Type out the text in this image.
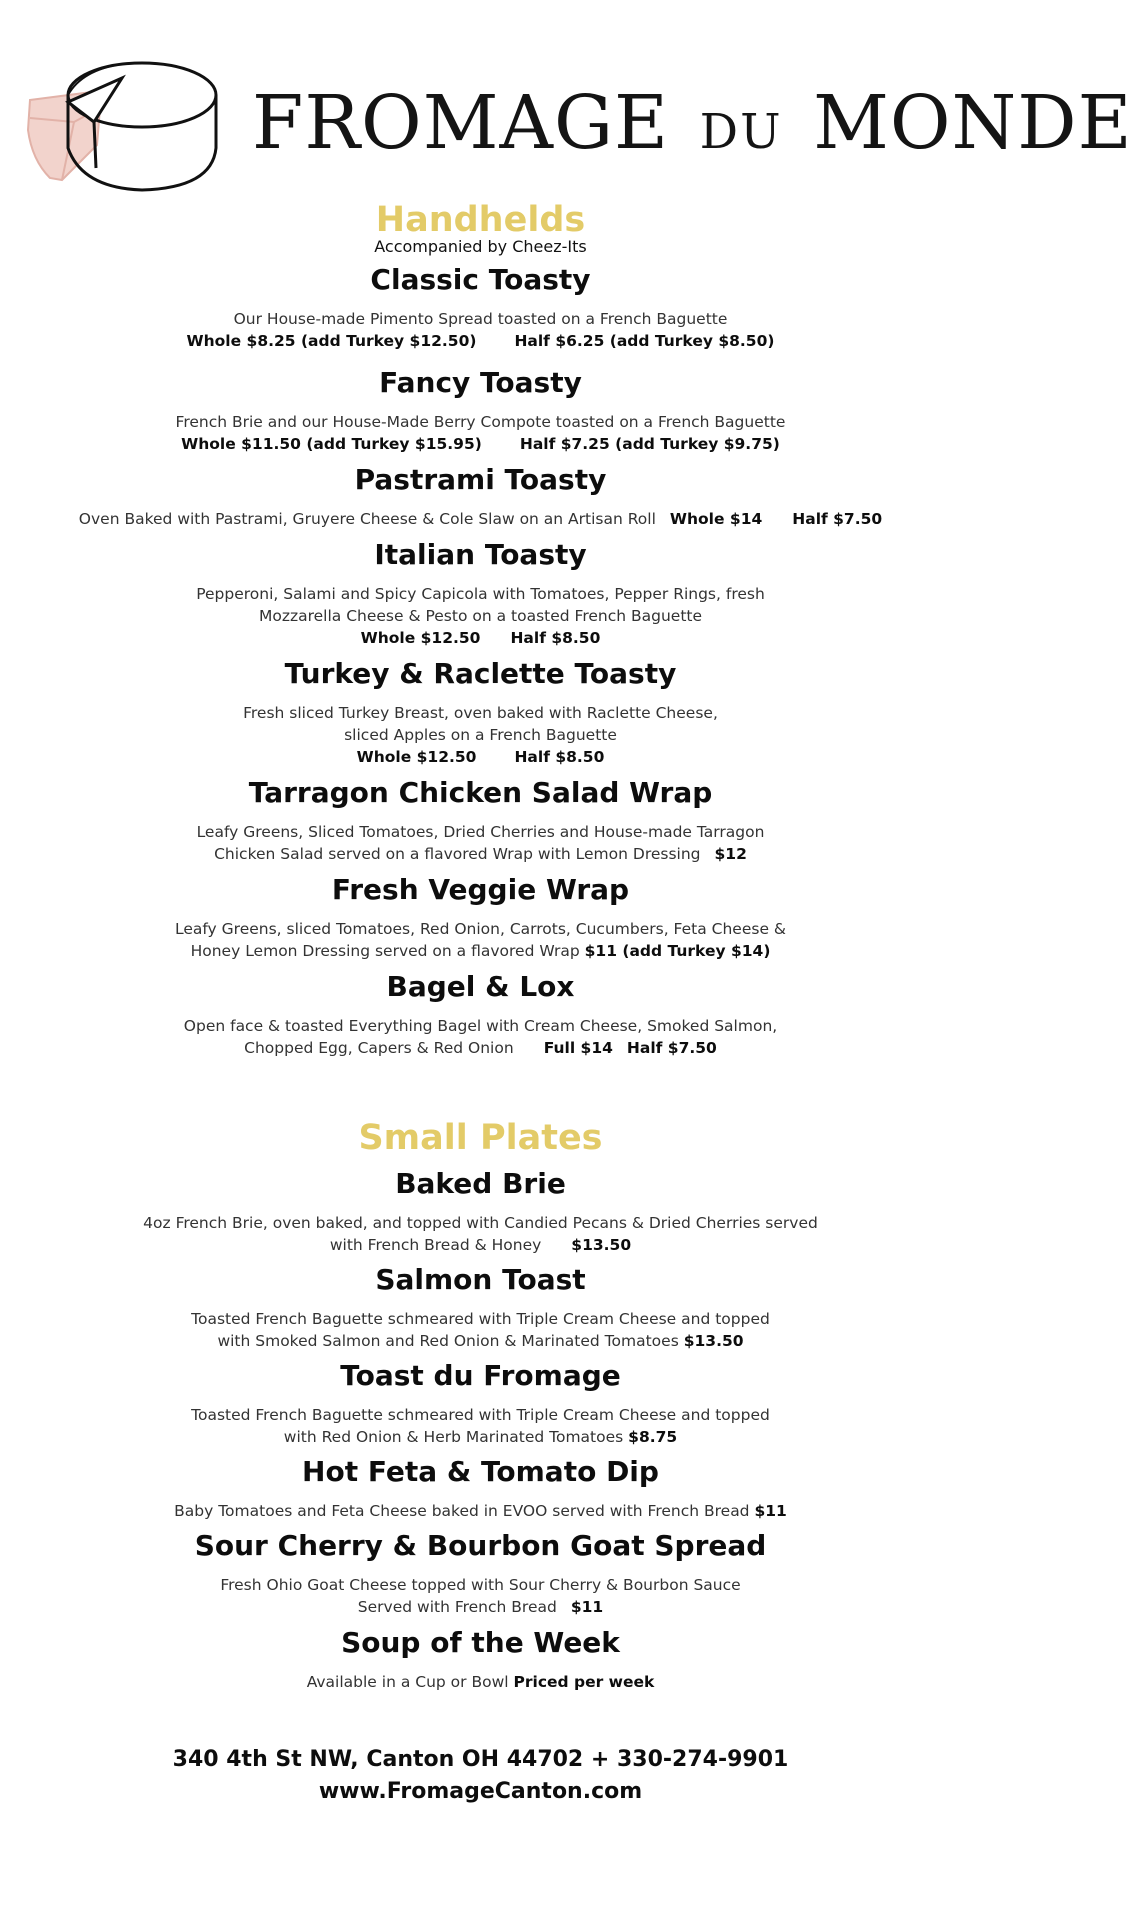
FROMAGE DU MONDE
Handhelds
Accompanied by Cheez-Its
Classic Toasty
Our House-made Pimento Spread toasted on a French Baguette
Whole $8.25 (add Turkey $12.50) Half $6.25 (add Turkey $8.50)
Fancy Toasty
French Brie and our House-Made Berry Compote toasted on a French Baguette
Whole $11.50 (add Turkey $15.95) Half $7.25 (add Turkey $9.75)
Pastrami Toasty
Oven Baked with Pastrami, Gruyere Cheese & Cole Slaw on an Artisan Roll Whole $14 Half $7.50
Italian Toasty
Pepperoni, Salami and Spicy Capicola with Tomatoes, Pepper Rings, fresh
Mozzarella Cheese & Pesto on a toasted French Baguette
Whole $12.50 Half $8.50
Turkey & Raclette Toasty
Fresh sliced Turkey Breast, oven baked with Raclette Cheese,
sliced Apples on a French Baguette
Whole $12.50 Half $8.50
Tarragon Chicken Salad Wrap
Leafy Greens, Sliced Tomatoes, Dried Cherries and House-made Tarragon
Chicken Salad served on a flavored Wrap with Lemon Dressing $12
Fresh Veggie Wrap
Leafy Greens, sliced Tomatoes, Red Onion, Carrots, Cucumbers, Feta Cheese &
Honey Lemon Dressing served on a flavored Wrap $11 (add Turkey $14)
Bagel & Lox
Open face & toasted Everything Bagel with Cream Cheese, Smoked Salmon,
Chopped Egg, Capers & Red Onion Full $14 Half $7.50
Small Plates
Baked Brie
4oz French Brie, oven baked, and topped with Candied Pecans & Dried Cherries served
with French Bread & Honey $13.50
Salmon Toast
Toasted French Baguette schmeared with Triple Cream Cheese and topped
with Smoked Salmon and Red Onion & Marinated Tomatoes $13.50
Toast du Fromage
Toasted French Baguette schmeared with Triple Cream Cheese and topped
with Red Onion & Herb Marinated Tomatoes $8.75
Hot Feta & Tomato Dip
Baby Tomatoes and Feta Cheese baked in EVOO served with French Bread $11
Sour Cherry & Bourbon Goat Spread
Fresh Ohio Goat Cheese topped with Sour Cherry & Bourbon Sauce
Served with French Bread $11
Soup of the Week
Available in a Cup or Bowl Priced per week
340 4th St NW, Canton OH 44702 + 330-274-9901
www.FromageCanton.com
